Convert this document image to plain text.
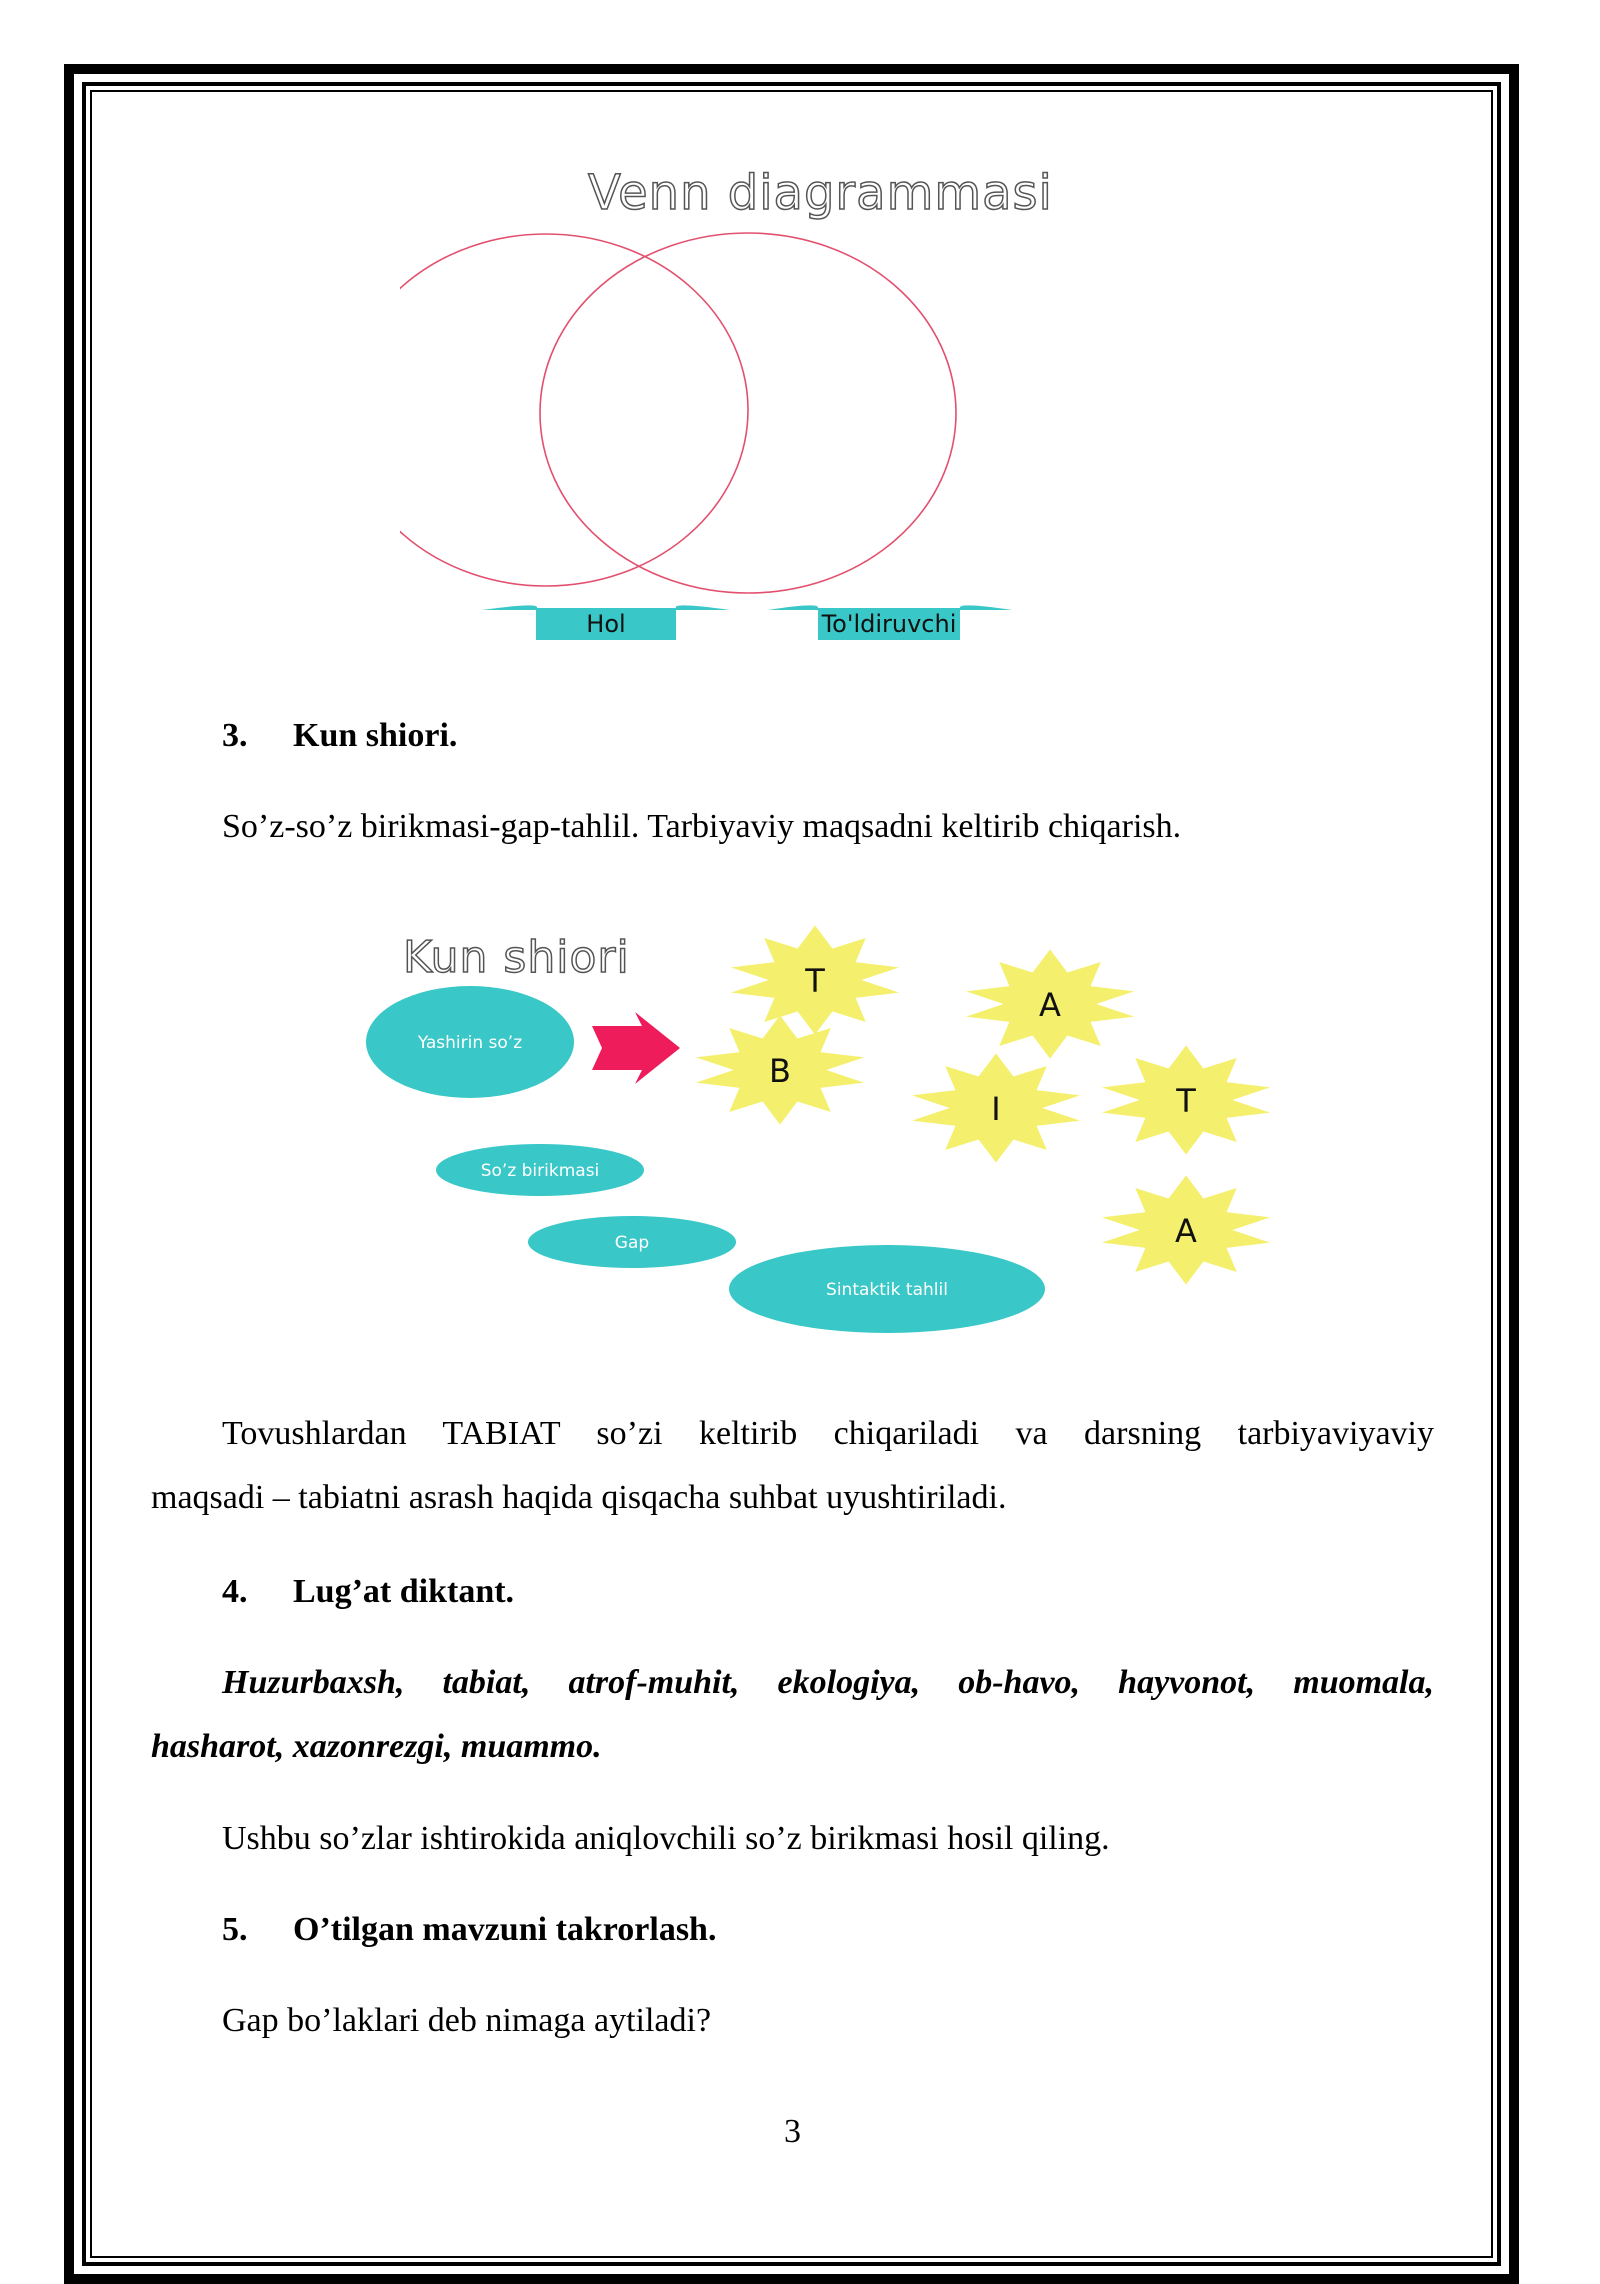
Venn diagrammasi
Hol	To'ldiruvchi
3. Kun shiori.
So’z-so’z birikmasi-gap-tahlil. Tarbiyaviy maqsadni keltirib chiqarish.
Kun shiori
Yashirin so’z
So’z birikmasi
Gap
Sintaktik tahlil
T
A
B
I	T
A
Tovushlardan TABIAT so’zi keltirib chiqariladi va darsning tarbiyaviyaviy
maqsadi – tabiatni asrash haqida qisqacha suhbat uyushtiriladi.
4. Lug’at diktant.
Huzurbaxsh, tabiat, atrof-muhit, ekologiya, ob-havo, hayvonot, muomala,
hasharot, xazonrezgi, muammo.
Ushbu so’zlar ishtirokida aniqlovchili so’z birikmasi hosil qiling.
5. O’tilgan mavzuni takrorlash.
Gap bo’laklari deb nimaga aytiladi?
3
